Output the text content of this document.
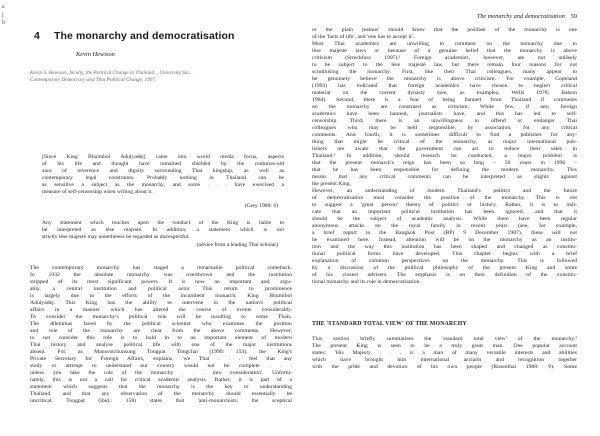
a
j
b
The monarchy and democratisation 59
4 The monarchy and democratisation
Kevin Hewison
Kevin S. Hewison, faculty, the Political Change in Thailand... University Sin...
Contemporary Democracy and Thai Political Change, 1997.
[Since King Bhumibol Adulyadej] came into world media focus, aspects
of his life and thought have remained shielded by the centuries-old
aura of reverence and dignity surrounding Thai kingship, as well as
contemporary legal constraints. Probably nothing in Thailand can be
as sensitive a subject as the monarchy, and some . . . have exercised a
measure of self-censorship when writing about it.
(Grey 1988: 6)
Any statement which touches upon the conduct of the King is liable to
be interpreted as lèse majesté. In addition, a statement which is not
strictly lèse majesté may nonetheless be regarded as disrespectful.
(advice from a leading Thai scholar)
The contemporary monarchy has staged a remarkable political comeback.
In 1932 the absolute monarchy was overthrown and the institution
stripped of its most significant powers. It is now an important and, argu-
ably, a central institution and political actor. This return to prominence
is largely due to the efforts of the incumbent monarch, King Bhumibol
Adulyadej. This King has the ability to intervene in the nation's political
affairs in a manner which has altered the course of events considerably.
To consider the monarchy's political role will be insulting to some Thais.
The dilemmas faced by the political scientist who examines the position
and role of the monarchy are clear from the above comments. However,
to not consider this role is to hold in to an important element of modern
Thai history and analyse political life with one of the major institutions
absent. For, as Manorotchunsung Tongpat Tongchai (1990: 154), the King's
Private Secretary for Foreign Affairs, explains, 'we Thai . . . feel that any
study or attempt to understand our country would not be complete . . .
unless you take the role of the monarchy . . . into consideration'. Unfortu-
nately, this is not a call for critical academic analysis. Rather, it is part of a
statement which suggests that the monarchy is the key to understanding
Thailand, and that any observation of the monarchy should essentially be
uncritical. Tongpat (ibid.: 158) states that 'anti-monarchists, the sceptical
or the plain jealous' should know that the position of the monarchy is one
of the 'facts of life', and 'one has to accept it'.
Most Thai academics are unwilling to comment on the monarchy due to
lèse majesté laws or because of a genuine belief that the monarchy is above
criticism (Streckfuss 1997).¹ Foreign academics, however, are not unlikely
to be subject to the lèse majesté law, but there remain four reasons for not
scrutinising the monarchy. First, like their Thai colleagues, many appear to
be genuinely believe the monarchy is above criticism. For example, Copeland
(1993) has indicated that foreign academics have chosen to neglect critical
material on the current dynasty (see, as examples, Wells 1978; Batson
1984). Second, there is a fear of being banned from Thailand if comments
on the monarchy are construed as criticism. While few, if any, foreign
academics have been banned, journalists have, and this has led to self-
censorship. Third, there is an unwillingness to offend or endanger Thai
colleagues who may be held responsible, by association, for any critical
comments. And fourth, it is sometimes difficult to find a publisher for any-
thing that might be critical of the monarchy, as major international pub-
lishers are aware that the government can act to reduce their sales in
Thailand.² In addition, should research be conducted, a major problem is
that the present monarch's reign has been so long – 50 years in 1996 –
that he has been responsible for defining the modern monarchy. This
means that any critical comments can be interpreted as slights against
the present King.
However, an understanding of modern Thailand's politics and the future
of democratisation must consider the position of the monarchy. This is not
to suggest a 'great person' theory of politics or history. Rather, it is to indi-
cate that an important political institution has been ignored, and that it
should be the subject of academic analysis. While there have been regular
anonymous attacks on the royal family in recent years (see, for example,
a brief report in the Bangkok Post (BP) 9 December 1987), these will not
be examined here. Instead, attention will be on the monarchy as an institu-
tion and the way this institution has been shaped and changed as constitu-
tional political forms have developed. This chapter begins with a brief
explanation of common perspectives on the monarchy. This is followed
by a discussion of the political philosophy of the present King and some
of his closest advisers. The emphasis is on their definition of the constitu-
tional monarchy and its role in democratisation.
THE 'STANDARD TOTAL VIEW' OF THE MONARCHY
This section briefly summarises the 'standard total view' of the monarchy.³
The present King is seen to be a truly great man. One popular account
states: 'His Majesty . . . is a man of many versatile interests and abilities
which have brought him international acclaim and recognition together
with the pride and devotion of his own people (Rosenthal 1988: 9). Some
